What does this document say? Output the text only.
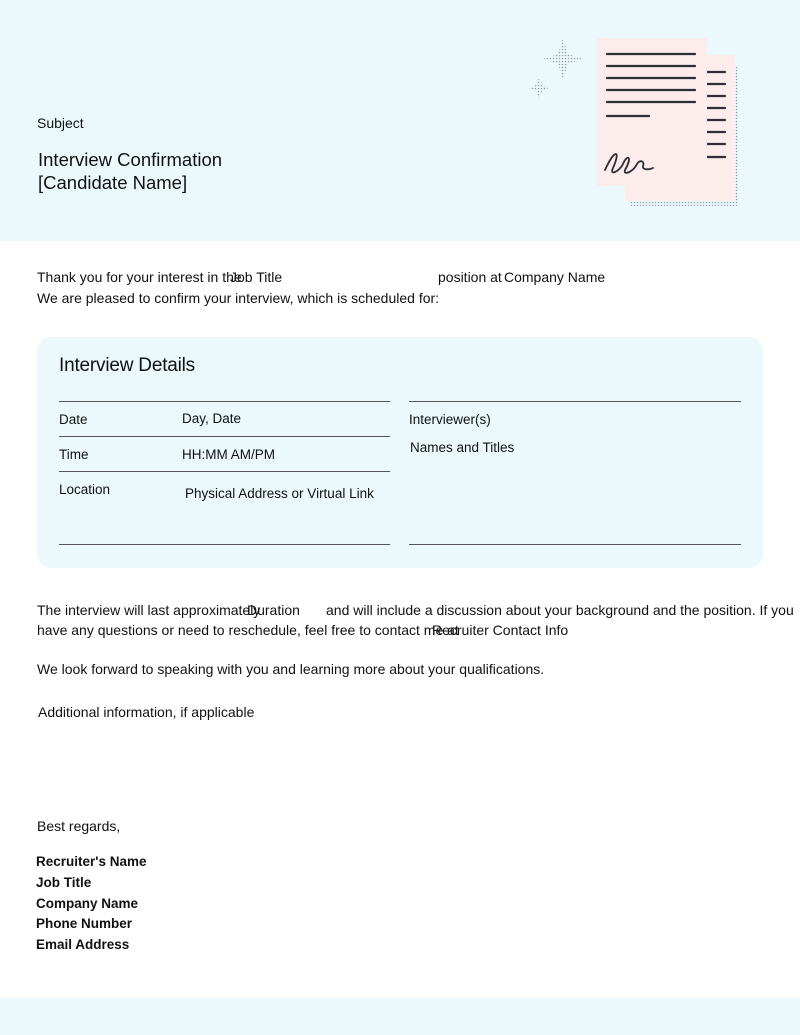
Subject
Interview Confirmation
[Candidate Name]
Thank you for your interest in the
Job Title	position at Company Name
We are pleased to confirm your interview, which is scheduled for:
Interview Details
Date	Day, Date
Time	HH:MM AM/PM
Location	Physical Address or Virtual Link
Interviewer(s)
Names and Titles
The interview will last approximately
Duration and will include a discussion about your background and the position. If you
have any questions or need to reschedule, feel free to contact me at
Recruiter Contact Info
We look forward to speaking with you and learning more about your qualifications.
Additional information, if applicable
Best regards,
Recruiter's Name
Job Title
Company Name
Phone Number
Email Address
